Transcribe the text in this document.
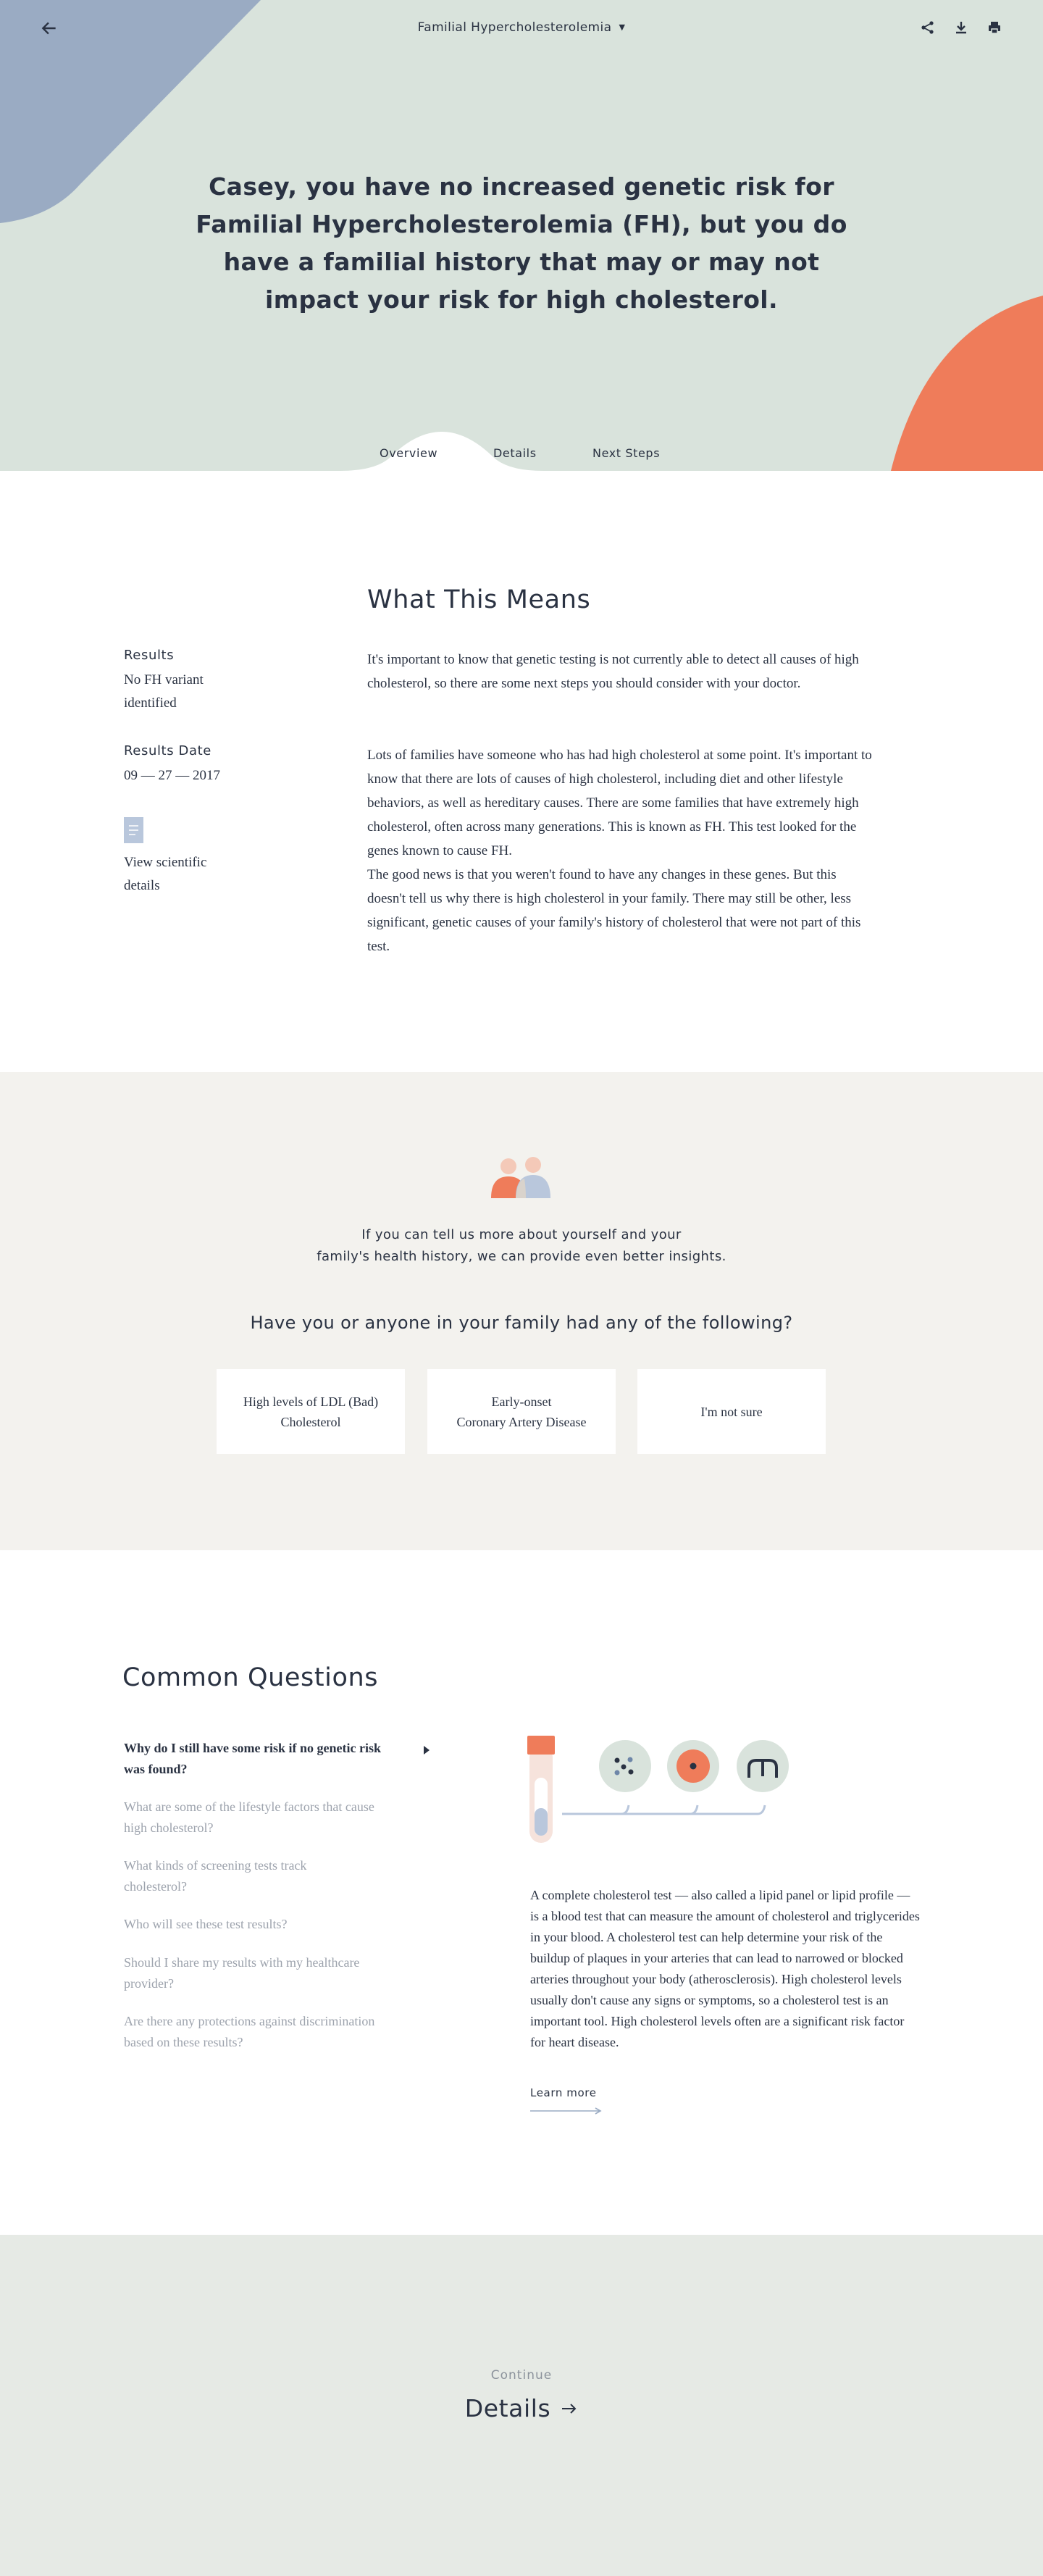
Familial Hypercholesterolemia ▼
Casey, you have no increased genetic risk for Familial Hypercholesterolemia (FH), but you do have a familial history that may or may not impact your risk for high cholesterol.
Overview	Details	Next Steps
Results
No FH variant
identified
Results Date
09 — 27 — 2017
View scientific
details
What This Means

It's important to know that genetic testing is not currently able to detect all causes of high cholesterol, so there are some next steps you should consider with your doctor.

Lots of families have someone who has had high cholesterol at some point. It's important to know that there are lots of causes of high cholesterol, including diet and other lifestyle behaviors, as well as hereditary causes. There are some families that have extremely high cholesterol, often across many generations. This is known as FH. This test looked for the genes known to cause FH.

The good news is that you weren't found to have any changes in these genes. But this doesn't tell us why there is high cholesterol in your family. There may still be other, less significant, genetic causes of your family's history of cholesterol that were not part of this test.

If you can tell us more about yourself and your
family's health history, we can provide even better insights.
Have you or anyone in your family had any of the following?
High levels of LDL (Bad)
Cholesterol
Early-onset
Coronary Artery Disease
I'm not sure
Common Questions
Why do I still have some risk if no genetic risk was found?
What are some of the lifestyle factors that cause high cholesterol?
What kinds of screening tests track cholesterol?
Who will see these test results?
Should I share my results with my healthcare provider?
Are there any protections against discrimination based on these results?

A complete cholesterol test — also called a lipid panel or lipid profile — is a blood test that can measure the amount of cholesterol and triglycerides in your blood. A cholesterol test can help determine your risk of the buildup of plaques in your arteries that can lead to narrowed or blocked arteries throughout your body (atherosclerosis). High cholesterol levels usually don't cause any signs or symptoms, so a cholesterol test is an important tool. High cholesterol levels often are a significant risk factor for heart disease.

Learn more
Continue
Details
